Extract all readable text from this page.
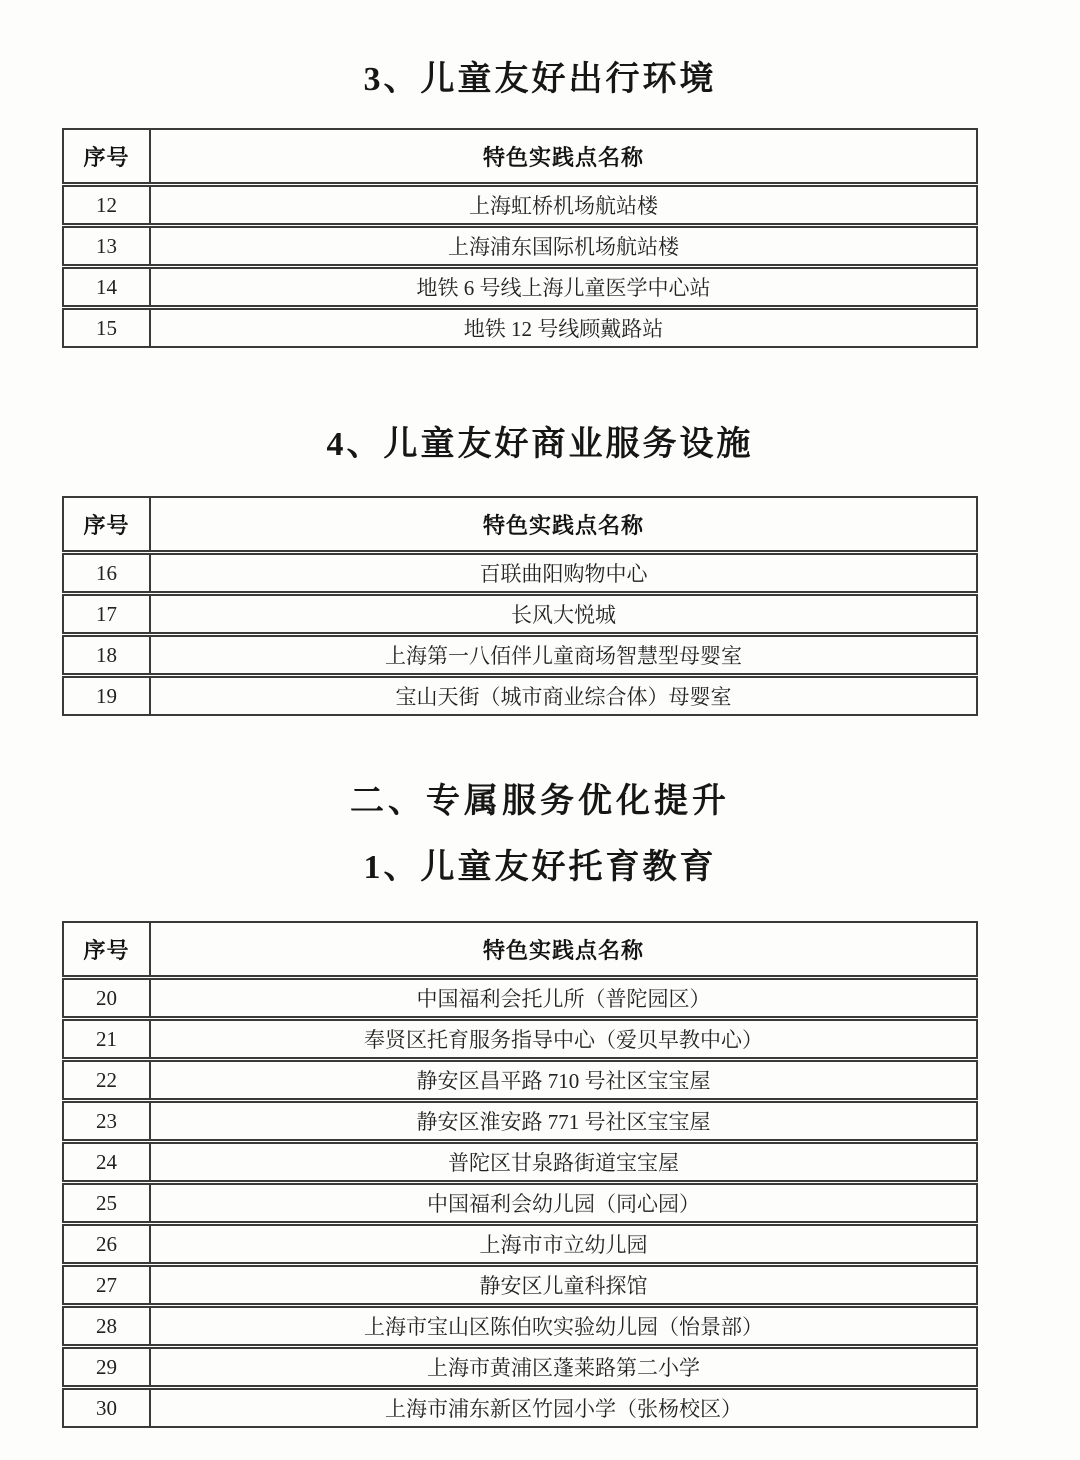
3、儿童友好出行环境
序号	特色实践点名称
12	上海虹桥机场航站楼
13	上海浦东国际机场航站楼
14	地铁 6 号线上海儿童医学中心站
15	地铁 12 号线顾戴路站
4、儿童友好商业服务设施
序号	特色实践点名称
16	百联曲阳购物中心
17	长风大悦城
18	上海第一八佰伴儿童商场智慧型母婴室
19	宝山天街（城市商业综合体）母婴室
二、专属服务优化提升
1、儿童友好托育教育
序号	特色实践点名称
20	中国福利会托儿所（普陀园区）
21	奉贤区托育服务指导中心（爱贝早教中心）
22	静安区昌平路 710 号社区宝宝屋
23	静安区淮安路 771 号社区宝宝屋
24	普陀区甘泉路街道宝宝屋
25	中国福利会幼儿园（同心园）
26	上海市市立幼儿园
27	静安区儿童科探馆
28	上海市宝山区陈伯吹实验幼儿园（怡景部）
29	上海市黄浦区蓬莱路第二小学
30	上海市浦东新区竹园小学（张杨校区）
